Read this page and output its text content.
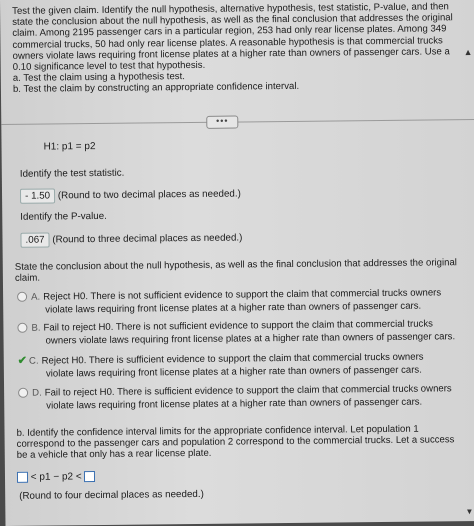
Test the given claim. Identify the null hypothesis, alternative hypothesis, test statistic, P-value, and then state the conclusion about the null hypothesis, as well as the final conclusion that addresses the original claim. Among 2195 passenger cars in a particular region, 253 had only rear license plates. Among 349 commercial trucks, 50 had only rear license plates. A reasonable hypothesis is that commercial trucks owners violate laws requiring front license plates at a higher rate than owners of passenger cars. Use a 0.10 significance level to test that hypothesis.

a. Test the claim using a hypothesis test.

b. Test the claim by constructing an appropriate confidence interval.

•••
H1: p1 = p2
Identify the test statistic.
- 1.50 (Round to two decimal places as needed.)
Identify the P-value.
.067 (Round to three decimal places as needed.)
State the conclusion about the null hypothesis, as well as the final conclusion that addresses the original claim.
A. Reject H0. There is not sufficient evidence to support the claim that commercial trucks owners
violate laws requiring front license plates at a higher rate than owners of passenger cars.
B. Fail to reject H0. There is not sufficient evidence to support the claim that commercial trucks
owners violate laws requiring front license plates at a higher rate than owners of passenger cars.
✔ C. Reject H0. There is sufficient evidence to support the claim that commercial trucks owners
violate laws requiring front license plates at a higher rate than owners of passenger cars.
D. Fail to reject H0. There is sufficient evidence to support the claim that commercial trucks owners
violate laws requiring front license plates at a higher rate than owners of passenger cars.
b. Identify the confidence interval limits for the appropriate confidence interval. Let population 1 correspond to the passenger cars and population 2 correspond to the commercial trucks. Let a success be a vehicle that only has a rear license plate.
< p1 − p2 <
(Round to four decimal places as needed.)
▲
▼
